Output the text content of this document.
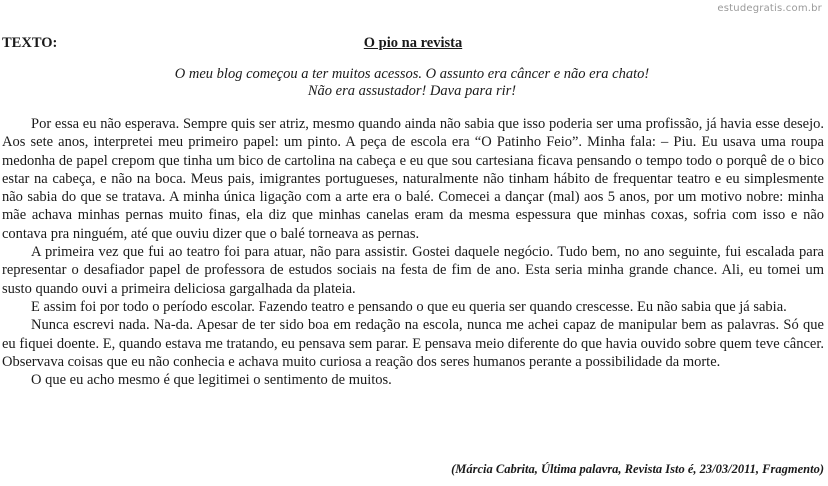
estudegratis.com.br
TEXTO:	O pio na revista
O meu blog começou a ter muitos acessos. O assunto era câncer e não era chato!
Não era assustador! Dava para rir!

Por essa eu não esperava. Sempre quis ser atriz, mesmo quando ainda não sabia que isso poderia ser uma profissão, já havia esse desejo. Aos sete anos, interpretei meu primeiro papel: um pinto. A peça de escola era “O Patinho Feio”. Minha fala: – Piu. Eu usava uma roupa medonha de papel crepom que tinha um bico de cartolina na cabeça e eu que sou cartesiana ficava pensando o tempo todo o porquê de o bico estar na cabeça, e não na boca. Meus pais, imigrantes portugueses, naturalmente não tinham hábito de frequentar teatro e eu simplesmente não sabia do que se tratava. A minha única ligação com a arte era o balé. Comecei a dançar (mal) aos 5 anos, por um motivo nobre: minha mãe achava minhas pernas muito finas, ela diz que minhas canelas eram da mesma espessura que minhas coxas, sofria com isso e não contava pra ninguém, até que ouviu dizer que o balé torneava as pernas.

A primeira vez que fui ao teatro foi para atuar, não para assistir. Gostei daquele negócio. Tudo bem, no ano seguinte, fui escalada para representar o desafiador papel de professora de estudos sociais na festa de fim de ano. Esta seria minha grande chance. Ali, eu tomei um susto quando ouvi a primeira deliciosa gargalhada da plateia.

E assim foi por todo o período escolar. Fazendo teatro e pensando o que eu queria ser quando crescesse. Eu não sabia que já sabia.

Nunca escrevi nada. Na-da. Apesar de ter sido boa em redação na escola, nunca me achei capaz de manipular bem as palavras. Só que eu fiquei doente. E, quando estava me tratando, eu pensava sem parar. E pensava meio diferente do que havia ouvido sobre quem teve câncer. Observava coisas que eu não conhecia e achava muito curiosa a reação dos seres humanos perante a possibilidade da morte.

O que eu acho mesmo é que legitimei o sentimento de muitos.

(Márcia Cabrita, Última palavra, Revista Isto é, 23/03/2011, Fragmento)
